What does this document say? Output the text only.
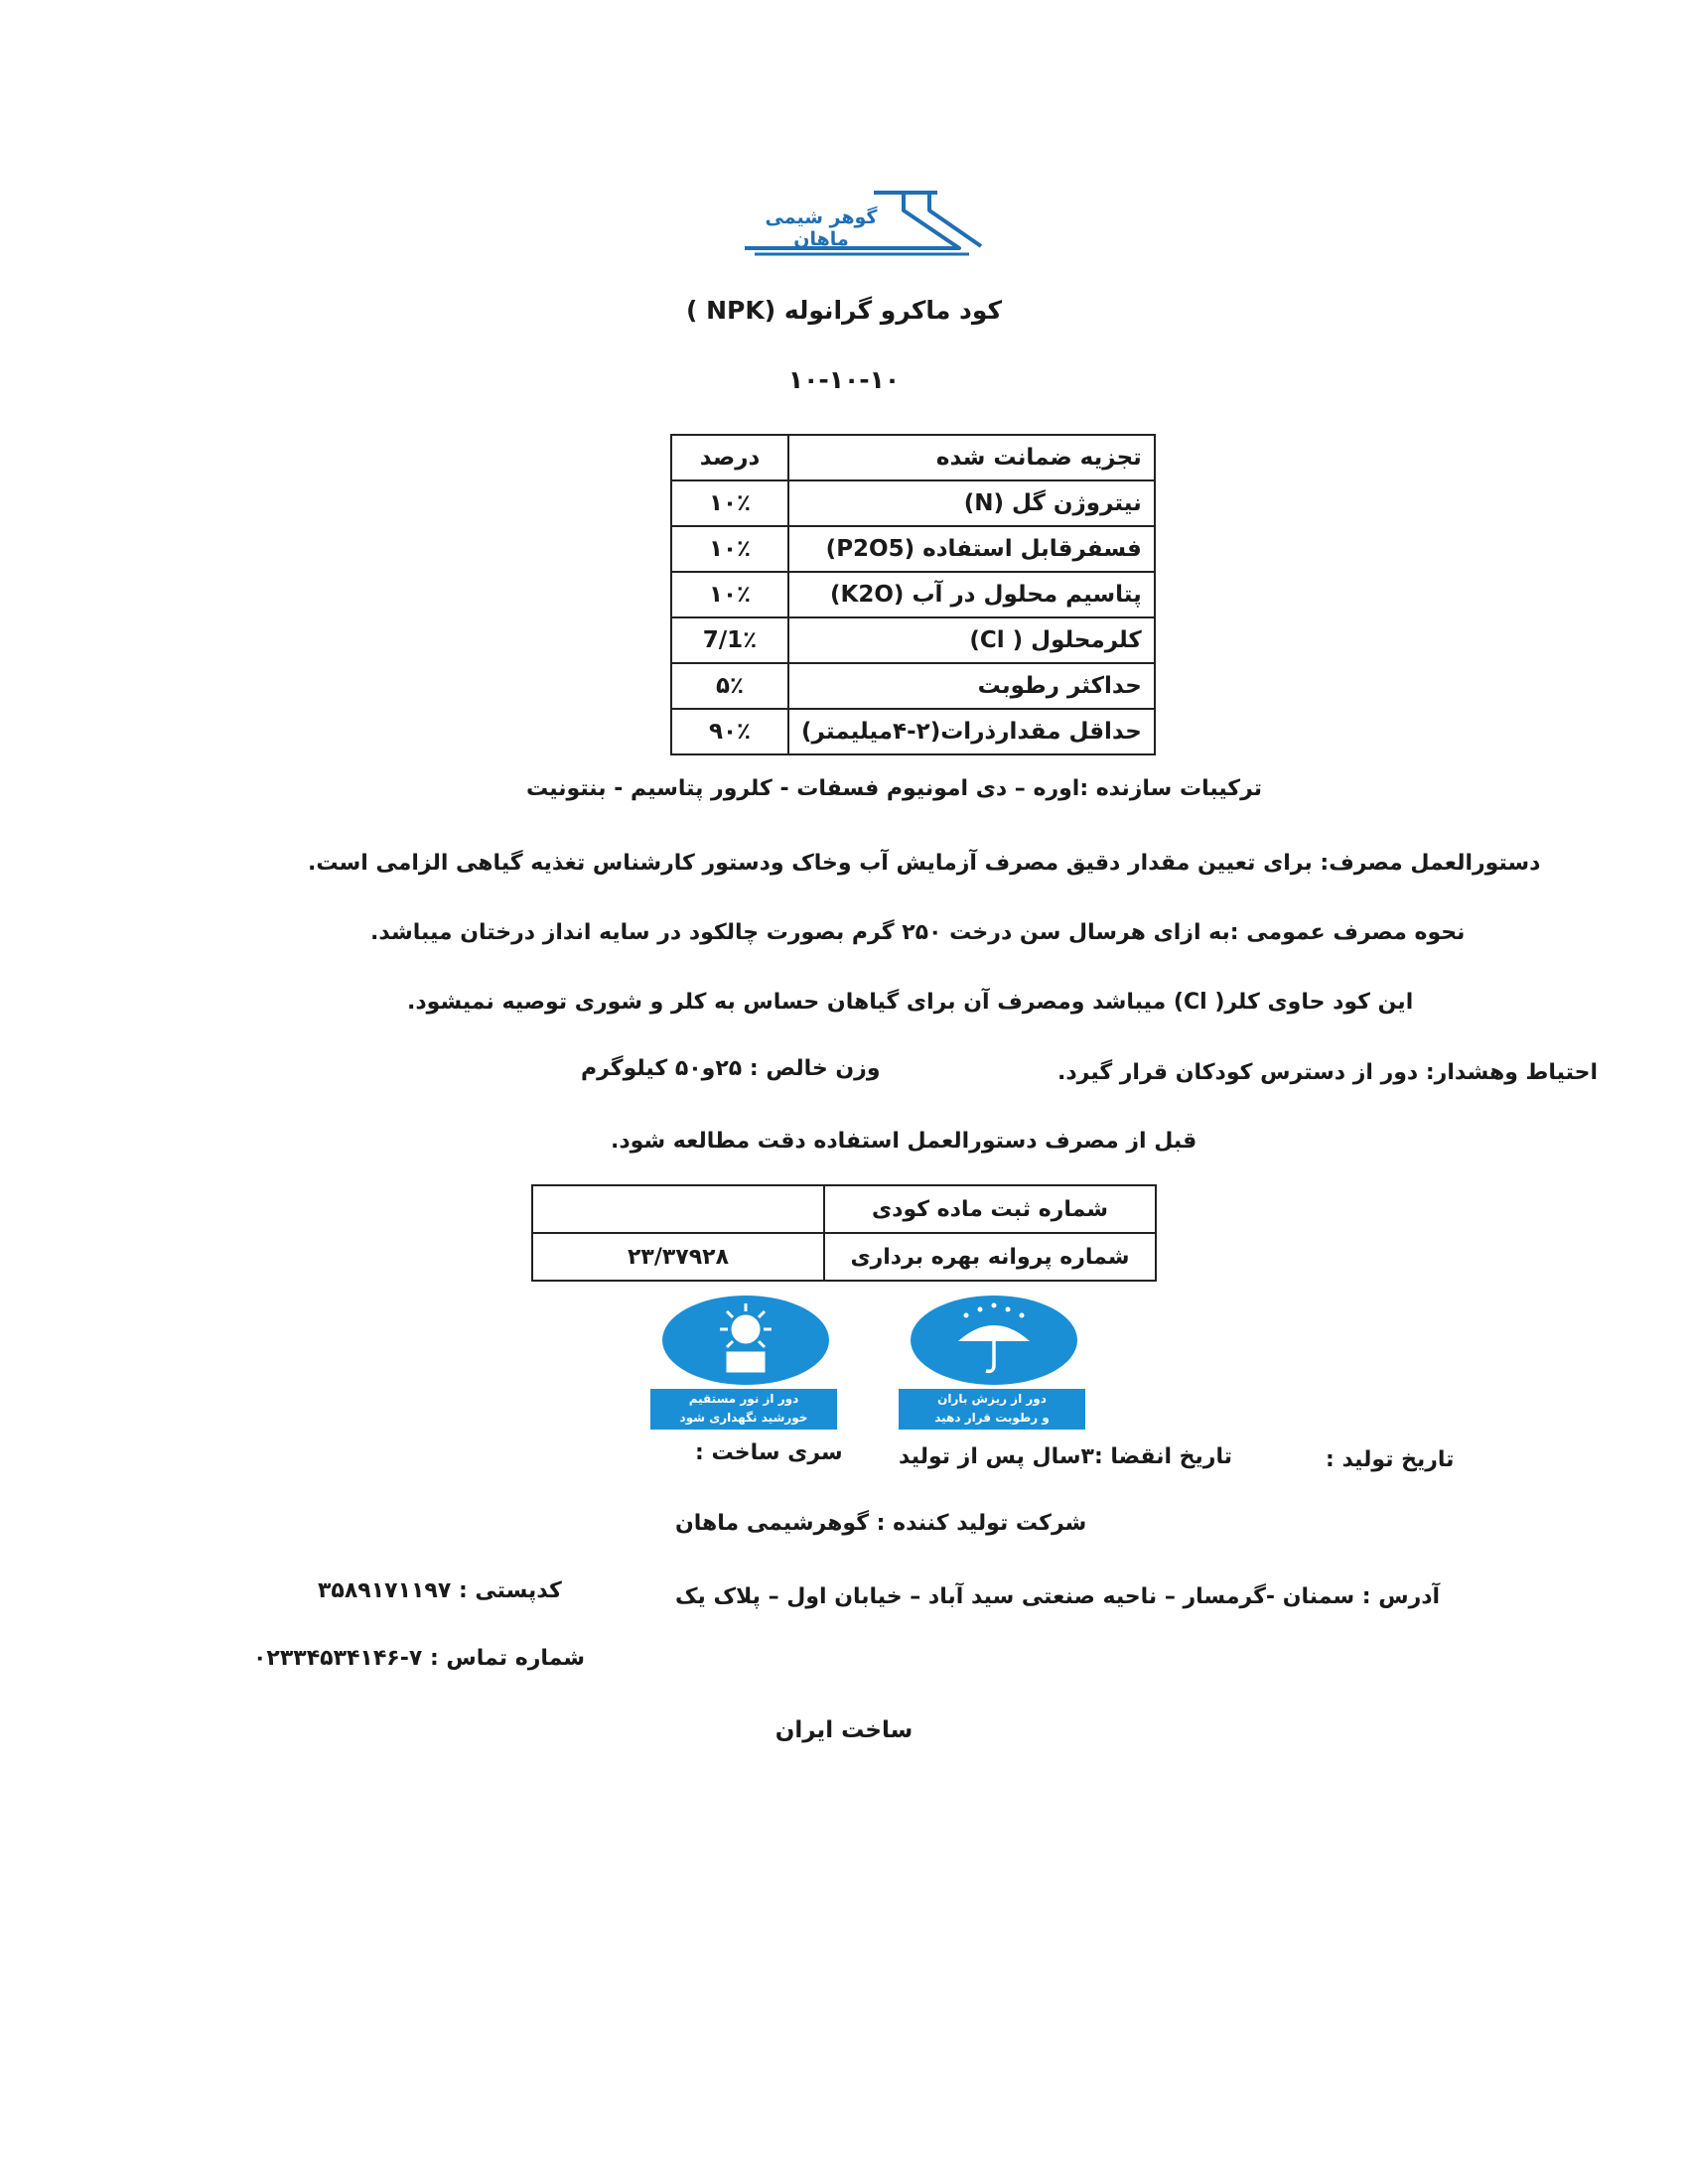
گوهر شیمی ماهان
کود ماکرو گرانوله (NPK )
۱۰-۱۰-۱۰
تجزیه ضمانت شده	درصد
نیتروژن گل (N)	۱۰٪
فسفرقابل استفاده (P2O5)	۱۰٪
پتاسیم محلول در آب (K2O)	۱۰٪
کلرمحلول ( Cl)	7/1٪
حداکثر رطوبت	۵٪
حداقل مقدارذرات(۲-۴میلیمتر)	۹۰٪
ترکیبات سازنده :اوره – دی امونیوم فسفات - کلرور پتاسیم - بنتونیت
دستورالعمل مصرف: برای تعیین مقدار دقیق مصرف آزمایش آب وخاک ودستور کارشناس تغذیه گیاهی الزامی است.
نحوه مصرف عمومی :به ازای هرسال سن درخت ۲۵۰ گرم بصورت چالکود در سایه انداز درختان میباشد.
این کود حاوی کلر( Cl) میباشد ومصرف آن برای گیاهان حساس به کلر و شوری توصیه نمیشود.
احتیاط وهشدار: دور از دسترس کودکان قرار گیرد.
وزن خالص : ۲۵و۵۰ کیلوگرم
قبل از مصرف دستورالعمل استفاده دقت مطالعه شود.
شماره ثبت ماده کودی	
شماره پروانه بهره برداری	۲۳/۳۷۹۲۸
دور از نور مستقیم
خورشید نگهداری شود
دور از ریزش باران
و رطوبت قرار دهید
تاریخ تولید :
تاریخ انقضا :۳سال پس از تولید
سری ساخت :
شرکت تولید کننده : گوهرشیمی ماهان
آدرس : سمنان -گرمسار – ناحیه صنعتی سید آباد – خیابان اول – پلاک یک
کدپستی : ۳۵۸۹۱۷۱۱۹۷
شماره تماس : ۷-۰۲۳۳۴۵۳۴۱۴۶
ساخت ایران
